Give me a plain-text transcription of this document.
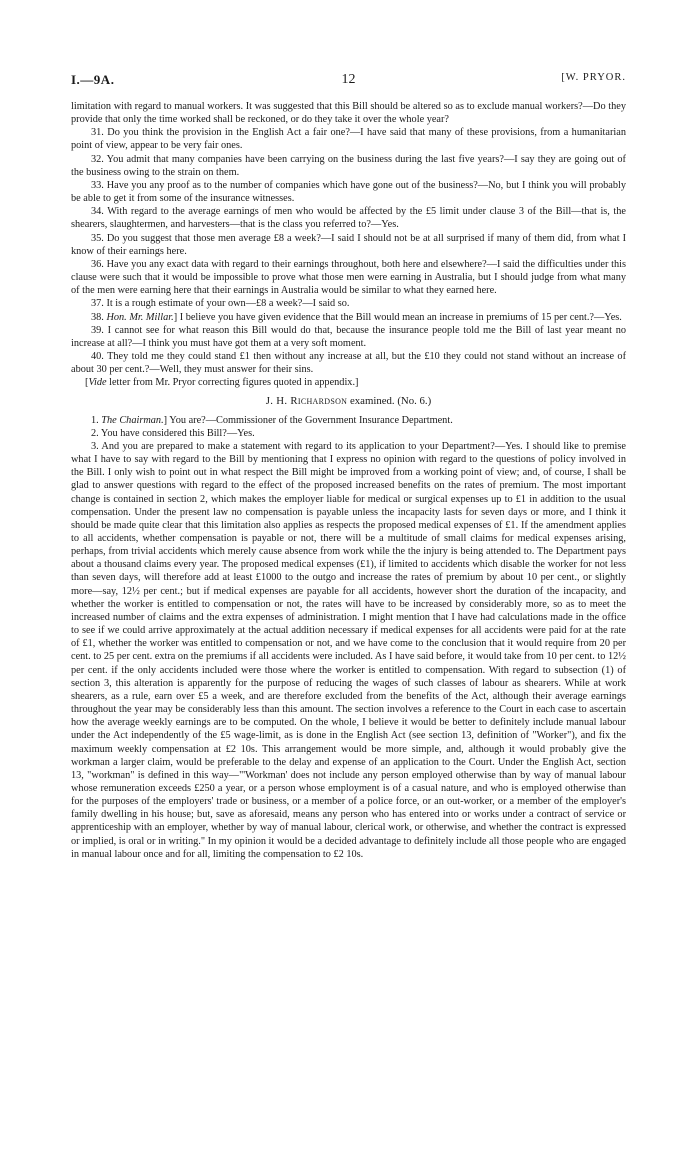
I.—9A.	12	[W. PRYOR.

limitation with regard to manual workers. It was suggested that this Bill should be altered so as to exclude manual workers?—Do they provide that only the time worked shall be reckoned, or do they take it over the whole year?

31. Do you think the provision in the English Act a fair one?—I have said that many of these provisions, from a humanitarian point of view, appear to be very fair ones.

32. You admit that many companies have been carrying on the business during the last five years?—I say they are going out of the business owing to the strain on them.

33. Have you any proof as to the number of companies which have gone out of the business?—No, but I think you will probably be able to get it from some of the insurance witnesses.

34. With regard to the average earnings of men who would be affected by the £5 limit under clause 3 of the Bill—that is, the shearers, slaughtermen, and harvesters—that is the class you referred to?—Yes.

35. Do you suggest that those men average £8 a week?—I said I should not be at all surprised if many of them did, from what I know of their earnings here.

36. Have you any exact data with regard to their earnings throughout, both here and elsewhere?—I said the difficulties under this clause were such that it would be impossible to prove what those men were earning in Australia, but I should judge from what many of the men were earning here that their earnings in Australia would be similar to what they earned here.

37. It is a rough estimate of your own—£8 a week?—I said so.

38. Hon. Mr. Millar.] I believe you have given evidence that the Bill would mean an increase in premiums of 15 per cent.?—Yes.

39. I cannot see for what reason this Bill would do that, because the insurance people told me the Bill of last year meant no increase at all?—I think you must have got them at a very soft moment.

40. They told me they could stand £1 then without any increase at all, but the £10 they could not stand without an increase of about 30 per cent.?—Well, they must answer for their sins.

[Vide letter from Mr. Pryor correcting figures quoted in appendix.]

J. H. Richardson examined. (No. 6.)

1. The Chairman.] You are?—Commissioner of the Government Insurance Department.

2. You have considered this Bill?—Yes.

3. And you are prepared to make a statement with regard to its application to your Department?—Yes. I should like to premise what I have to say with regard to the Bill by mentioning that I express no opinion with regard to the questions of policy involved in the Bill. I only wish to point out in what respect the Bill might be improved from a working point of view; and, of course, I shall be glad to answer questions with regard to the effect of the proposed increased benefits on the rates of premium. The most important change is contained in section 2, which makes the employer liable for medical or surgical expenses up to £1 in addition to the usual compensation. Under the present law no compensation is payable unless the incapacity lasts for seven days or more, and I think it should be made quite clear that this limitation also applies as respects the proposed medical expenses of £1. If the amendment applies to all accidents, whether compensation is payable or not, there will be a multitude of small claims for medical expenses arising, perhaps, from trivial accidents which merely cause absence from work while the the injury is being attended to. The Department pays about a thousand claims every year. The proposed medical expenses (£1), if limited to accidents which disable the worker for not less than seven days, will therefore add at least £1000 to the outgo and increase the rates of premium by about 10 per cent., or slightly more—say, 12½ per cent.; but if medical expenses are payable for all accidents, however short the duration of the incapacity, and whether the worker is entitled to compensation or not, the rates will have to be increased by considerably more, so as to meet the increased number of claims and the extra expenses of administration. I might mention that I have had calculations made in the office to see if we could arrive approximately at the actual addition necessary if medical expenses for all accidents were paid for at the rate of £1, whether the worker was entitled to compensation or not, and we have come to the conclusion that it would require from 20 per cent. to 25 per cent. extra on the premiums if all accidents were included. As I have said before, it would take from 10 per cent. to 12½ per cent. if the only accidents included were those where the worker is entitled to compensation. With regard to subsection (1) of section 3, this alteration is apparently for the purpose of reducing the wages of such classes of labour as shearers. While at work shearers, as a rule, earn over £5 a week, and are therefore excluded from the benefits of the Act, although their average earnings throughout the year may be considerably less than this amount. The section involves a reference to the Court in each case to ascertain how the average weekly earnings are to be computed. On the whole, I believe it would be better to definitely include manual labour under the Act independently of the £5 wage-limit, as is done in the English Act (see section 13, definition of "Worker"), and fix the maximum weekly compensation at £2 10s. This arrangement would be more simple, and, although it would probably give the workman a larger claim, would be preferable to the delay and expense of an application to the Court. Under the English Act, section 13, "workman" is defined in this way—"'Workman' does not include any person employed otherwise than by way of manual labour whose remuneration exceeds £250 a year, or a person whose employment is of a casual nature, and who is employed otherwise than for the purposes of the employers' trade or business, or a member of a police force, or an out-worker, or a member of the employer's family dwelling in his house; but, save as aforesaid, means any person who has entered into or works under a contract of service or apprenticeship with an employer, whether by way of manual labour, clerical work, or otherwise, and whether the contract is expressed or implied, is oral or in writing." In my opinion it would be a decided advantage to definitely include all those people who are engaged in manual labour once and for all, limiting the compensation to £2 10s.
